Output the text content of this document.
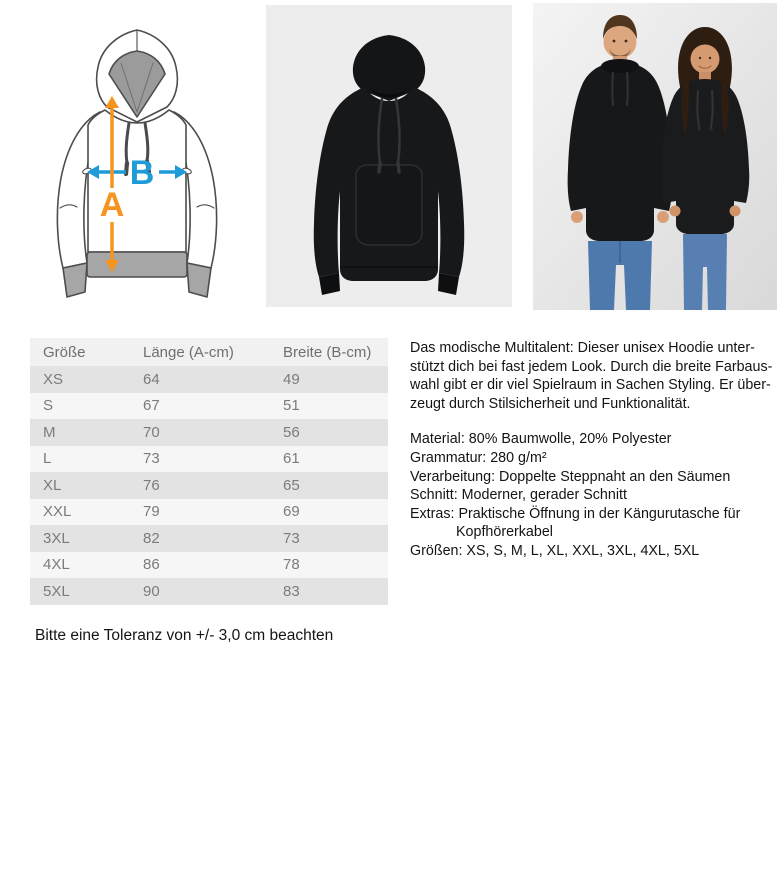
B
A
Größe	Länge (A-cm)	Breite (B-cm)
XS	64	49
S	67	51
M	70	56
L	73	61
XL	76	65
XXL	79	69
3XL	82	73
4XL	86	78
5XL	90	83
Das modische Multitalent: Dieser unisex Hoodie unter-
stützt dich bei fast jedem Look. Durch die breite Farbaus-
wahl gibt er dir viel Spielraum in Sachen Styling. Er über-
zeugt durch Stilsicherheit und Funktionalität.
Material: 80% Baumwolle, 20% Polyester
Grammatur: 280 g/m²
Verarbeitung: Doppelte Steppnaht an den Säumen
Schnitt: Moderner, gerader Schnitt
Extras: Praktische Öffnung in der Kängurutasche für
Kopfhörerkabel
Größen: XS, S, M, L, XL, XXL, 3XL, 4XL, 5XL
Bitte eine Toleranz von +/- 3,0 cm beachten
